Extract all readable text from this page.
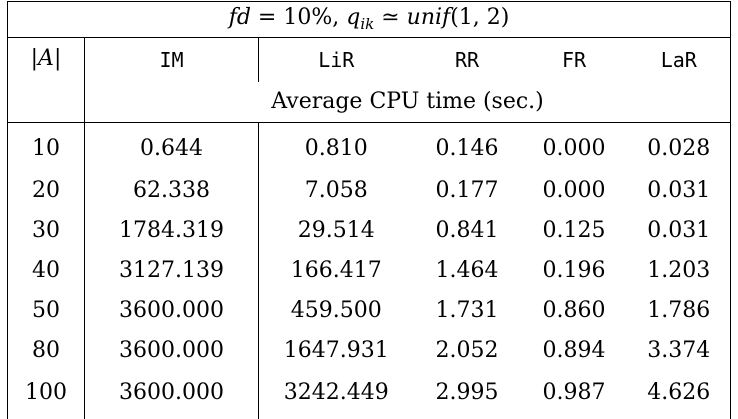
fd = 10%, $q_{ik}$ ≃ unif(1, 2)					
|A|	IM	LiR	RR	FR	LaR
	Average CPU time (sec.)				
10	0.644	0.810	0.146	0.000	0.028
20	62.338	7.058	0.177	0.000	0.031
30	1784.319	29.514	0.841	0.125	0.031
40	3127.139	166.417	1.464	0.196	1.203
50	3600.000	459.500	1.731	0.860	1.786
80	3600.000	1647.931	2.052	0.894	3.374
100	3600.000	3242.449	2.995	0.987	4.626
